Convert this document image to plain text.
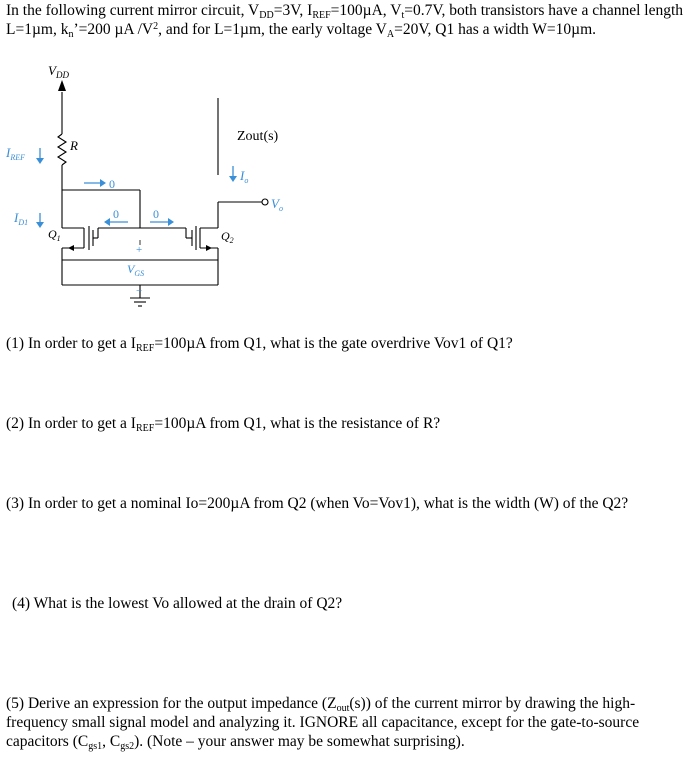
In the following current mirror circuit, $V_{DD}=3V$, $I_{REF}=100\mu A$, $V_t=0.7V$, both transistors have a channel length L=1µm, $k_n’=200$ µA $/V^2$, and for L=1µm, the early voltage $V_A=20V$, Q1 has a width W=10µm.
$V_{DD}$
$I_{REF}$
R
0
0	0
$I_{D1}$
$Q_1$	$Q_2$
+
$V_{GS}$
−
Zout(s)
$I_o$
$V_o$
(1) In order to get a $I_{REF}=100\mu A$ from Q1, what is the gate overdrive Vov1 of Q1?
(2) In order to get a $I_{REF}=100\mu A$ from Q1, what is the resistance of R?
(3) In order to get a nominal Io=200µA from Q2 (when Vo=Vov1), what is the width (W) of the Q2?
(4) What is the lowest Vo allowed at the drain of Q2?
(5) Derive an expression for the output impedance $(Z_{out}(s))$ of the current mirror by drawing the high-frequency small signal model and analyzing it. IGNORE all capacitance, except for the gate-to-source capacitors ($C_{gs1}$, $C_{gs2}$). (Note – your answer may be somewhat surprising).
